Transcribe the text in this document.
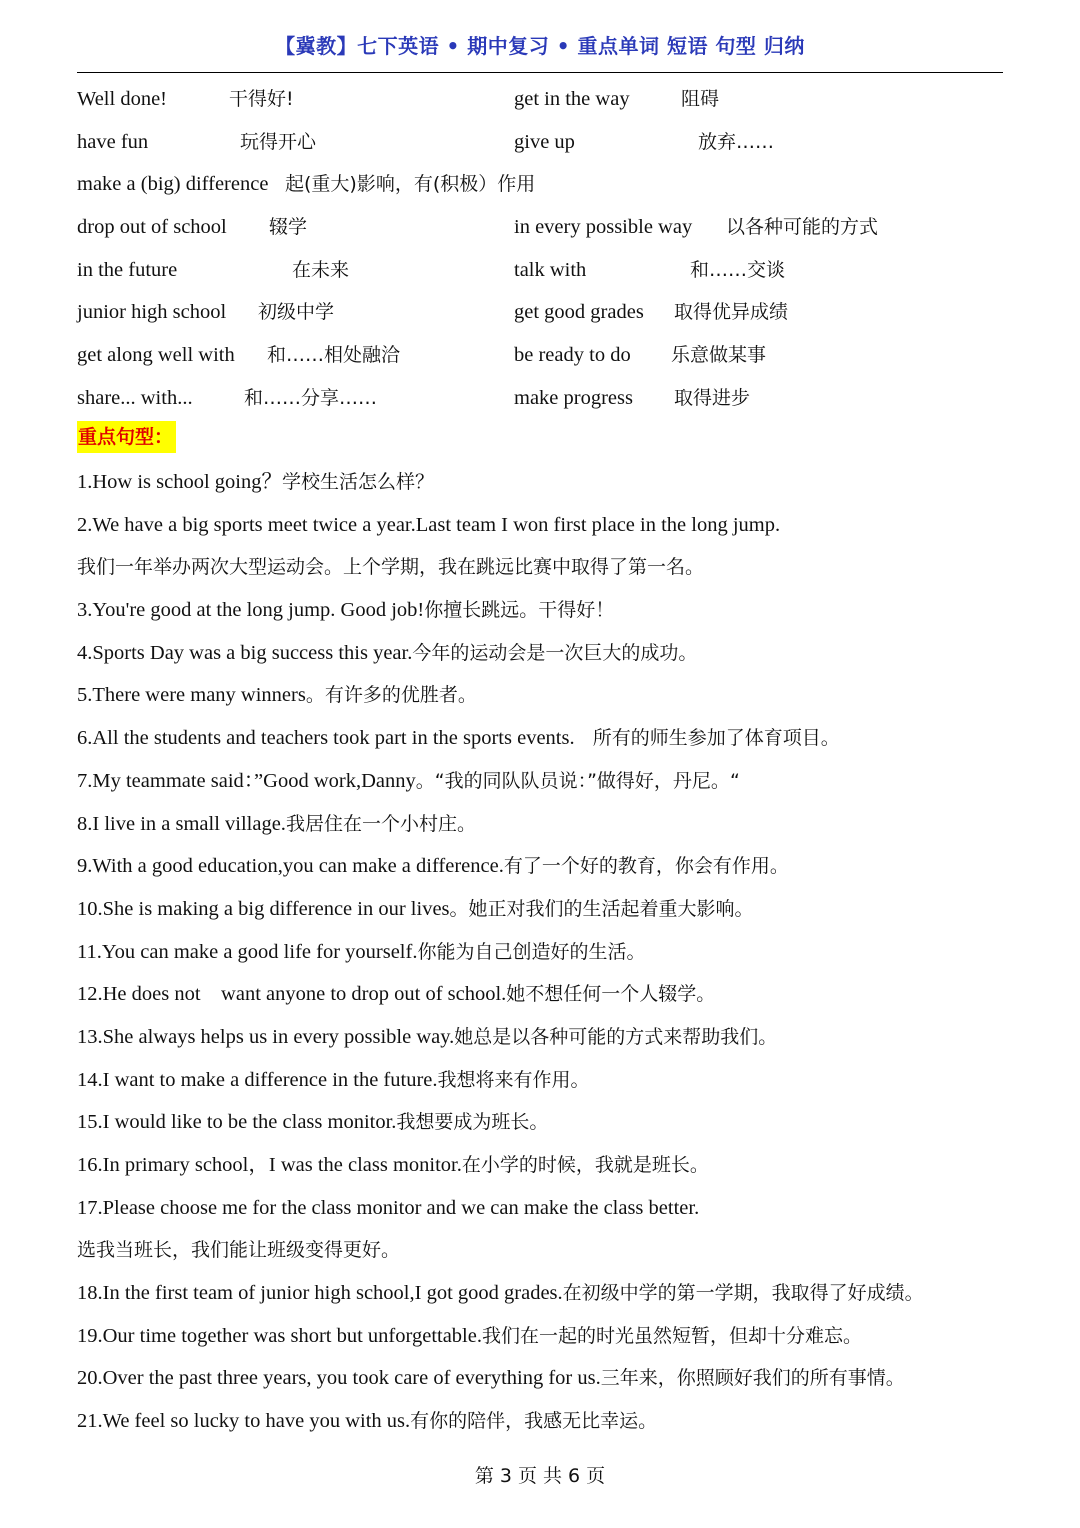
【冀教】七下英语 • 期中复习 • 重点单词 短语 句型 归纳
Well done!	干得好!	get in the way	阻碍
have fun	玩得开心	give up	放弃……
make a (big) difference 起(重大)影响，有(积极）作用
drop out of school 辍学	in every possible way 以各种可能的方式
in the future	在未来	talk with	和……交谈
junior high school 初级中学	get good grades 取得优异成绩
get along well with 和……相处融洽	be ready to do 乐意做某事
share... with...	和……分享……	make progress 取得进步
重点句型：
1.How is school going？学校生活怎么样？
2.We have a big sports meet twice a year.Last team I won first place in the long jump.
我们一年举办两次大型运动会。上个学期，我在跳远比赛中取得了第一名。
3.You're good at the long jump. Good job!你擅长跳远。干得好！
4.Sports Day was a big success this year.今年的运动会是一次巨大的成功。
5.There were many winners。有许多的优胜者。
6.All the students and teachers took part in the sports events.   所有的师生参加了体育项目。
7.My teammate said：”Good work,Danny。“我的同队队员说：”做得好，丹尼。“
8.I live in a small village.我居住在一个小村庄。
9.With a good education,you can make a difference.有了一个好的教育，你会有作用。
10.She is making a big difference in our lives。她正对我们的生活起着重大影响。
11.You can make a good life for yourself.你能为自己创造好的生活。
12.He does not    want anyone to drop out of school.她不想任何一个人辍学。
13.She always helps us in every possible way.她总是以各种可能的方式来帮助我们。
14.I want to make a difference in the future.我想将来有作用。
15.I would like to be the class monitor.我想要成为班长。
16.In primary school，I was the class monitor.在小学的时候，我就是班长。
17.Please choose me for the class monitor and we can make the class better.
选我当班长，我们能让班级变得更好。
18.In the first team of junior high school,I got good grades.在初级中学的第一学期，我取得了好成绩。
19.Our time together was short but unforgettable.我们在一起的时光虽然短暂，但却十分难忘。
20.Over the past three years, you took care of everything for us.三年来，你照顾好我们的所有事情。
21.We feel so lucky to have you with us.有你的陪伴，我感无比幸运。
第 3 页 共 6 页
